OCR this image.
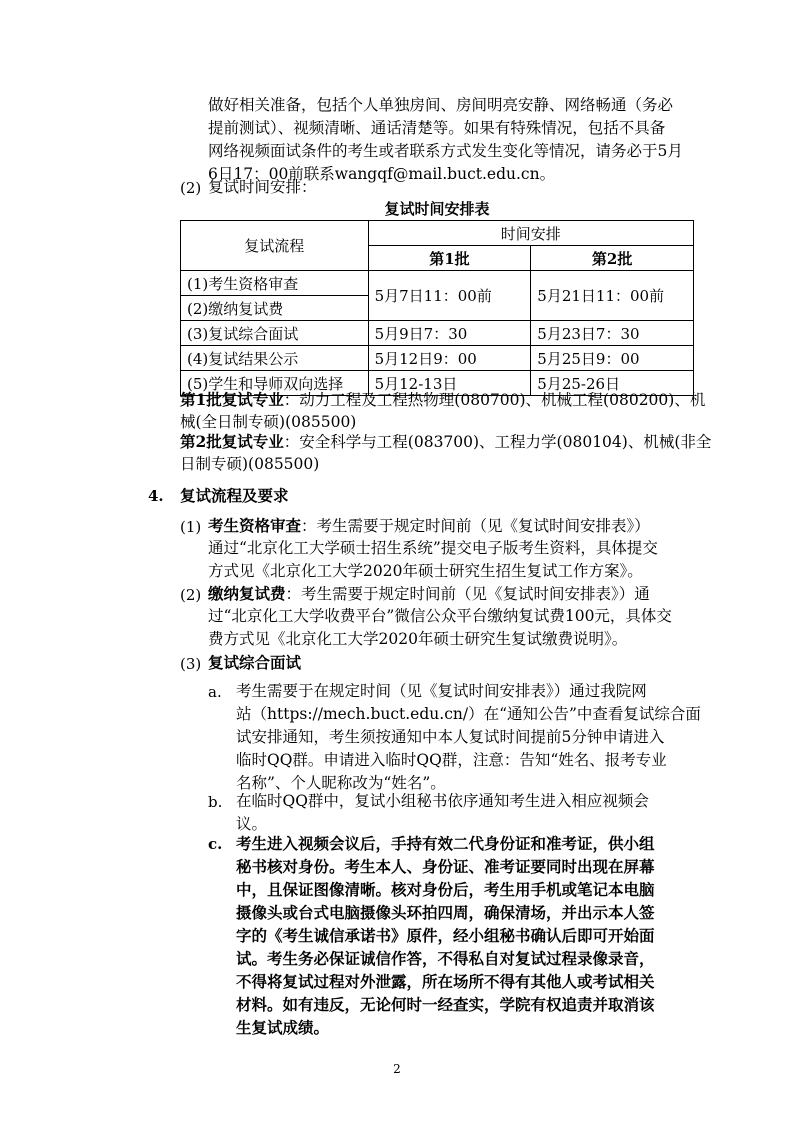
做好相关准备，包括个人单独房间、房间明亮安静、网络畅通（务必

提前测试）、视频清晰、通话清楚等。如果有特殊情况，包括不具备

网络视频面试条件的考生或者联系方式发生变化等情况，请务必于5月

6日17：00前联系wangqf@mail.buct.edu.cn。

(2) 复试时间安排：

复试时间安排表
复试流程	时间安排	
	第1批	第2批
(1)考生资格审查	5月7日11：00前	5月21日11：00前
(2)缴纳复试费		
(3)复试综合面试	5月9日7：30	5月23日7：30
(4)复试结果公示	5月12日9：00	5月25日9：00
(5)学生和导师双向选择	5月12-13日	5月25-26日

第1批复试专业：动力工程及工程热物理(080700)、机械工程(080200)、机

械(全日制专硕)(085500)

第2批复试专业：安全科学与工程(083700)、工程力学(080104)、机械(非全

日制专硕)(085500)

4. 复试流程及要求

(1) 考生资格审查：考生需要于规定时间前（见《复试时间安排表》）

通过“北京化工大学硕士招生系统”提交电子版考生资料，具体提交

方式见《北京化工大学2020年硕士研究生招生复试工作方案》。

(2) 缴纳复试费：考生需要于规定时间前（见《复试时间安排表》）通

过“北京化工大学收费平台”微信公众平台缴纳复试费100元，具体交

费方式见《北京化工大学2020年硕士研究生复试缴费说明》。

(3) 复试综合面试

a. 考生需要于在规定时间（见《复试时间安排表》）通过我院网

站（https://mech.buct.edu.cn/）在“通知公告”中查看复试综合面

试安排通知，考生须按通知中本人复试时间提前5分钟申请进入

临时QQ群。申请进入临时QQ群，注意：告知“姓名、报考专业

名称”、个人昵称改为“姓名”。

b. 在临时QQ群中，复试小组秘书依序通知考生进入相应视频会

议。

c. 考生进入视频会议后，手持有效二代身份证和准考证，供小组

秘书核对身份。考生本人、身份证、准考证要同时出现在屏幕

中，且保证图像清晰。核对身份后，考生用手机或笔记本电脑

摄像头或台式电脑摄像头环拍四周，确保清场，并出示本人签

字的《考生诚信承诺书》原件，经小组秘书确认后即可开始面

试。考生务必保证诚信作答，不得私自对复试过程录像录音，

不得将复试过程对外泄露，所在场所不得有其他人或考试相关

材料。如有违反，无论何时一经查实，学院有权追责并取消该

生复试成绩。

2
